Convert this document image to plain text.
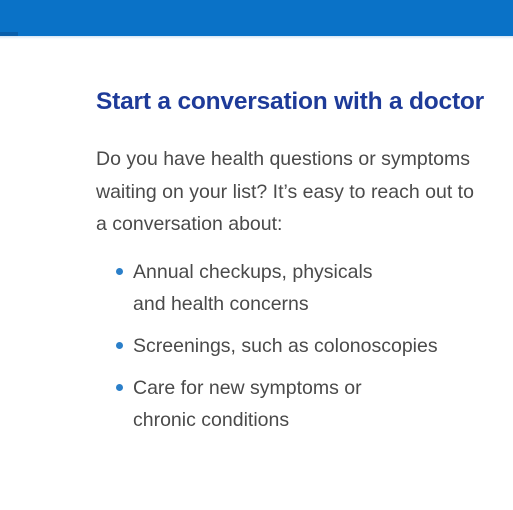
Start a conversation with a doctor
Do you have health questions or symptoms
waiting on your list? It’s easy to reach out to
a conversation about:
Annual checkups, physicals
and health concerns
Screenings, such as colonoscopies
Care for new symptoms or
chronic conditions
